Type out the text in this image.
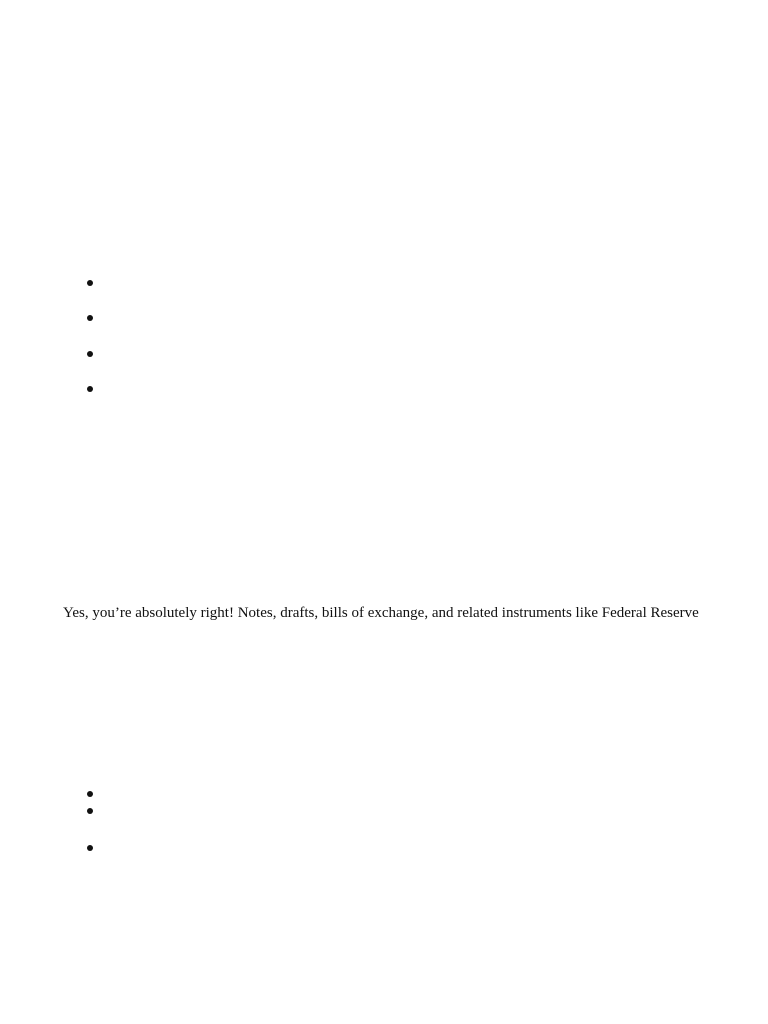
Yes, you’re absolutely right! Notes, drafts, bills of exchange, and related instruments like Federal Reserve
